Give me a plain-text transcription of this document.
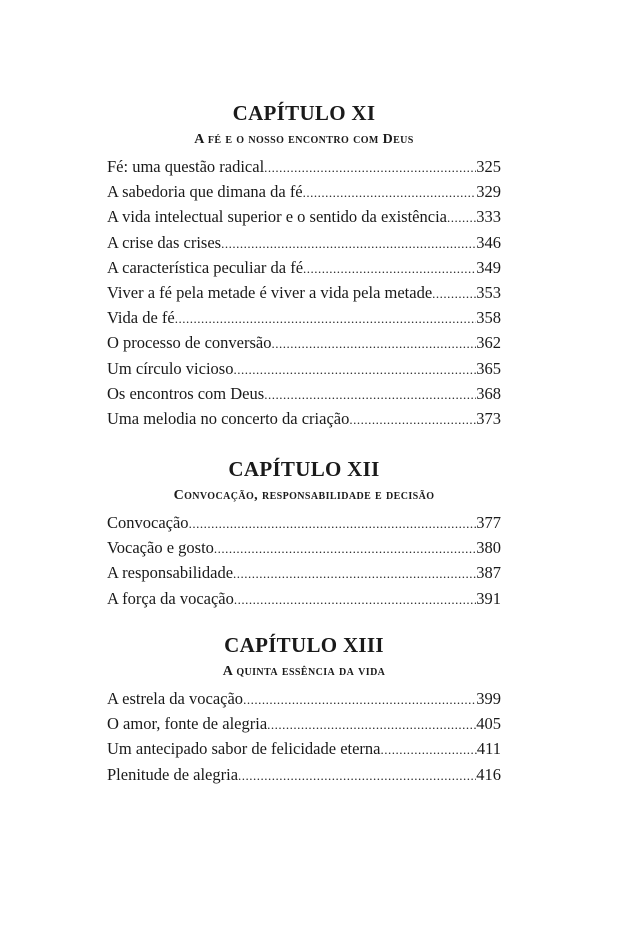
CAPÍTULO XI
A fé e o nosso encontro com Deus
Fé: uma questão radical .....	325
A sabedoria que dimana da fé .....	329
A vida intelectual superior e o sentido da existência ..... 333
A crise das crises .....	346
A característica peculiar da fé .....	349
Viver a fé pela metade é viver a vida pela metade .....	353
Vida de fé .....	358
O processo de conversão .....	362
Um círculo vicioso .....	365
Os encontros com Deus .....	368
Uma melodia no concerto da criação .....	373
CAPÍTULO XII
Convocação, responsabilidade e decisão
Convocação .....	377
Vocação e gosto .....	380
A responsabilidade .....	387
A força da vocação .....	391
CAPÍTULO XIII
A quinta essência da vida
A estrela da vocação .....	399
O amor, fonte de alegria .....	405
Um antecipado sabor de felicidade eterna .....	411
Plenitude de alegria .....	416
